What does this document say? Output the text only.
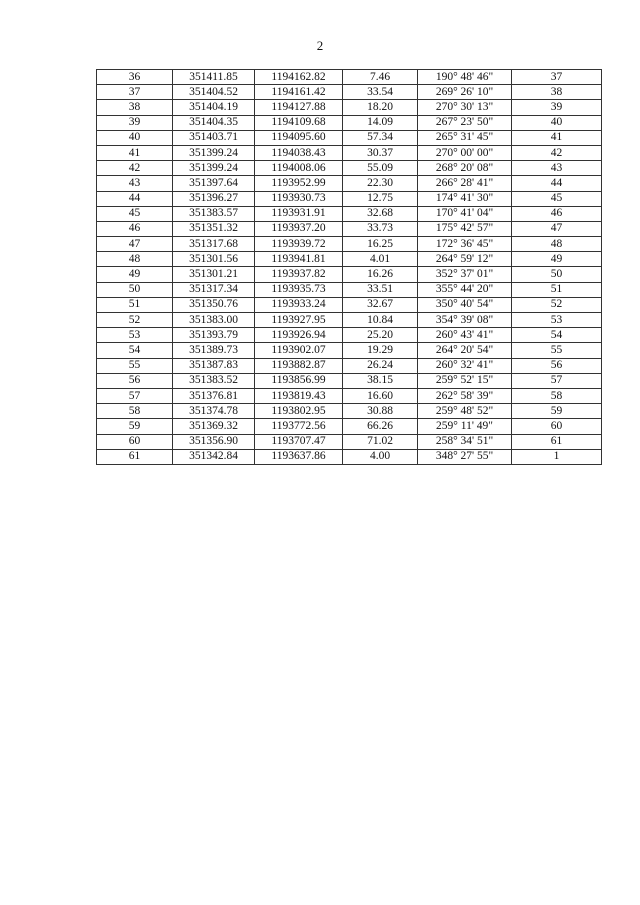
2
36	351411.85	1194162.82	7.46	190° 48' 46"	37
37	351404.52	1194161.42	33.54	269° 26' 10"	38
38	351404.19	1194127.88	18.20	270° 30' 13"	39
39	351404.35	1194109.68	14.09	267° 23' 50"	40
40	351403.71	1194095.60	57.34	265° 31' 45"	41
41	351399.24	1194038.43	30.37	270° 00' 00"	42
42	351399.24	1194008.06	55.09	268° 20' 08"	43
43	351397.64	1193952.99	22.30	266° 28' 41"	44
44	351396.27	1193930.73	12.75	174° 41' 30"	45
45	351383.57	1193931.91	32.68	170° 41' 04"	46
46	351351.32	1193937.20	33.73	175° 42' 57"	47
47	351317.68	1193939.72	16.25	172° 36' 45"	48
48	351301.56	1193941.81	4.01	264° 59' 12"	49
49	351301.21	1193937.82	16.26	352° 37' 01"	50
50	351317.34	1193935.73	33.51	355° 44' 20"	51
51	351350.76	1193933.24	32.67	350° 40' 54"	52
52	351383.00	1193927.95	10.84	354° 39' 08"	53
53	351393.79	1193926.94	25.20	260° 43' 41"	54
54	351389.73	1193902.07	19.29	264° 20' 54"	55
55	351387.83	1193882.87	26.24	260° 32' 41"	56
56	351383.52	1193856.99	38.15	259° 52' 15"	57
57	351376.81	1193819.43	16.60	262° 58' 39"	58
58	351374.78	1193802.95	30.88	259° 48' 52"	59
59	351369.32	1193772.56	66.26	259° 11' 49"	60
60	351356.90	1193707.47	71.02	258° 34' 51"	61
61	351342.84	1193637.86	4.00	348° 27' 55"	1
